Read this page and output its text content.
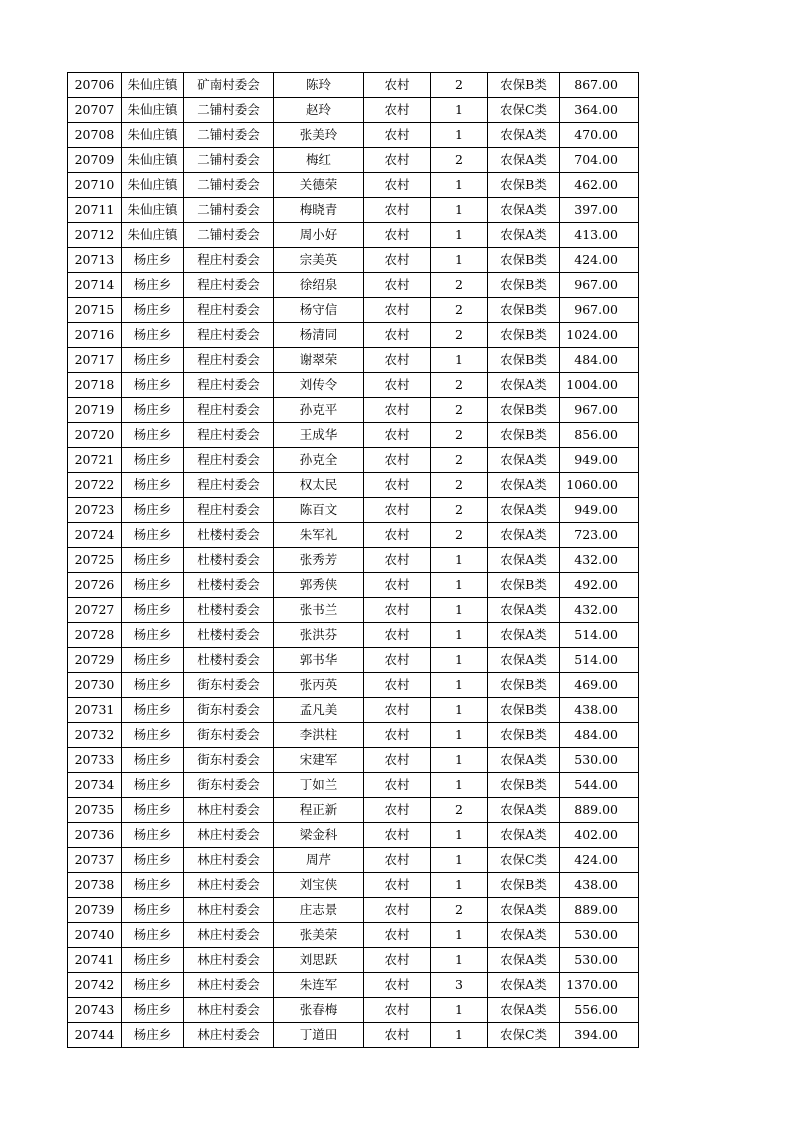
20706	朱仙庄镇	矿南村委会	陈玲	农村	2	农保B类	867.00
20707	朱仙庄镇	二铺村委会	赵玲	农村	1	农保C类	364.00
20708	朱仙庄镇	二铺村委会	张美玲	农村	1	农保A类	470.00
20709	朱仙庄镇	二铺村委会	梅红	农村	2	农保A类	704.00
20710	朱仙庄镇	二铺村委会	关德荣	农村	1	农保B类	462.00
20711	朱仙庄镇	二铺村委会	梅晓青	农村	1	农保A类	397.00
20712	朱仙庄镇	二铺村委会	周小好	农村	1	农保A类	413.00
20713	杨庄乡	程庄村委会	宗美英	农村	1	农保B类	424.00
20714	杨庄乡	程庄村委会	徐绍泉	农村	2	农保B类	967.00
20715	杨庄乡	程庄村委会	杨守信	农村	2	农保B类	967.00
20716	杨庄乡	程庄村委会	杨清同	农村	2	农保B类	1024.00
20717	杨庄乡	程庄村委会	谢翠荣	农村	1	农保B类	484.00
20718	杨庄乡	程庄村委会	刘传令	农村	2	农保A类	1004.00
20719	杨庄乡	程庄村委会	孙克平	农村	2	农保B类	967.00
20720	杨庄乡	程庄村委会	王成华	农村	2	农保B类	856.00
20721	杨庄乡	程庄村委会	孙克全	农村	2	农保A类	949.00
20722	杨庄乡	程庄村委会	权太民	农村	2	农保A类	1060.00
20723	杨庄乡	程庄村委会	陈百文	农村	2	农保A类	949.00
20724	杨庄乡	杜楼村委会	朱军礼	农村	2	农保A类	723.00
20725	杨庄乡	杜楼村委会	张秀芳	农村	1	农保A类	432.00
20726	杨庄乡	杜楼村委会	郭秀侠	农村	1	农保B类	492.00
20727	杨庄乡	杜楼村委会	张书兰	农村	1	农保A类	432.00
20728	杨庄乡	杜楼村委会	张洪芬	农村	1	农保A类	514.00
20729	杨庄乡	杜楼村委会	郭书华	农村	1	农保A类	514.00
20730	杨庄乡	街东村委会	张丙英	农村	1	农保B类	469.00
20731	杨庄乡	街东村委会	孟凡美	农村	1	农保B类	438.00
20732	杨庄乡	街东村委会	李洪柱	农村	1	农保B类	484.00
20733	杨庄乡	街东村委会	宋建军	农村	1	农保A类	530.00
20734	杨庄乡	街东村委会	丁如兰	农村	1	农保B类	544.00
20735	杨庄乡	林庄村委会	程正新	农村	2	农保A类	889.00
20736	杨庄乡	林庄村委会	梁金科	农村	1	农保A类	402.00
20737	杨庄乡	林庄村委会	周芹	农村	1	农保C类	424.00
20738	杨庄乡	林庄村委会	刘宝侠	农村	1	农保B类	438.00
20739	杨庄乡	林庄村委会	庄志景	农村	2	农保A类	889.00
20740	杨庄乡	林庄村委会	张美荣	农村	1	农保A类	530.00
20741	杨庄乡	林庄村委会	刘思跃	农村	1	农保A类	530.00
20742	杨庄乡	林庄村委会	朱连军	农村	3	农保A类	1370.00
20743	杨庄乡	林庄村委会	张春梅	农村	1	农保A类	556.00
20744	杨庄乡	林庄村委会	丁道田	农村	1	农保C类	394.00
